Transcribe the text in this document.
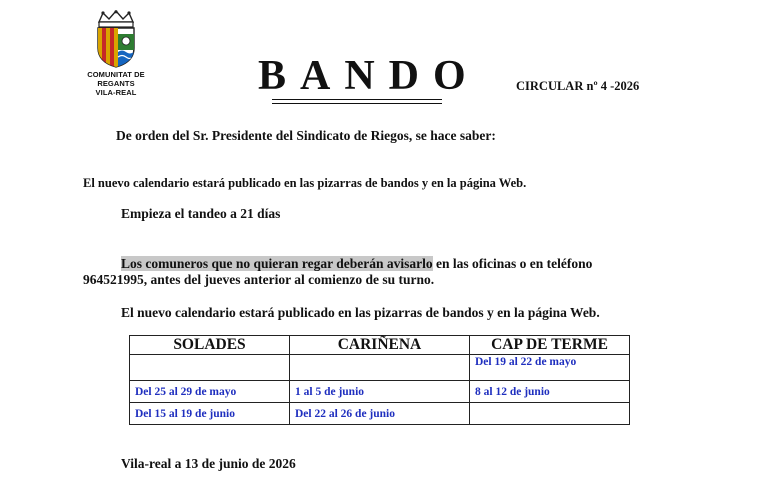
COMUNITAT DE REGANTS
VILA-REAL	BANDO	CIRCULAR nº 4 -2026

De orden del Sr. Presidente del Sindicato de Riegos, se hace saber:

El nuevo calendario estará publicado en las pizarras de bandos y en la página Web.

Empieza el tandeo a 21 días

Los comuneros que no quieran regar deberán avisarlo en las oficinas o en teléfono

964521995, antes del jueves anterior al comienzo de su turno.

El nuevo calendario estará publicado en las pizarras de bandos y en la página Web.

SOLADES	CARIÑENA	CAP DE TERME
		Del 19 al 22 de mayo
Del 25 al 29 de mayo	1 al 5 de junio	8 al 12 de junio
Del 15 al 19 de junio	Del 22 al 26 de junio	

Vila-real a 13 de junio de 2026
